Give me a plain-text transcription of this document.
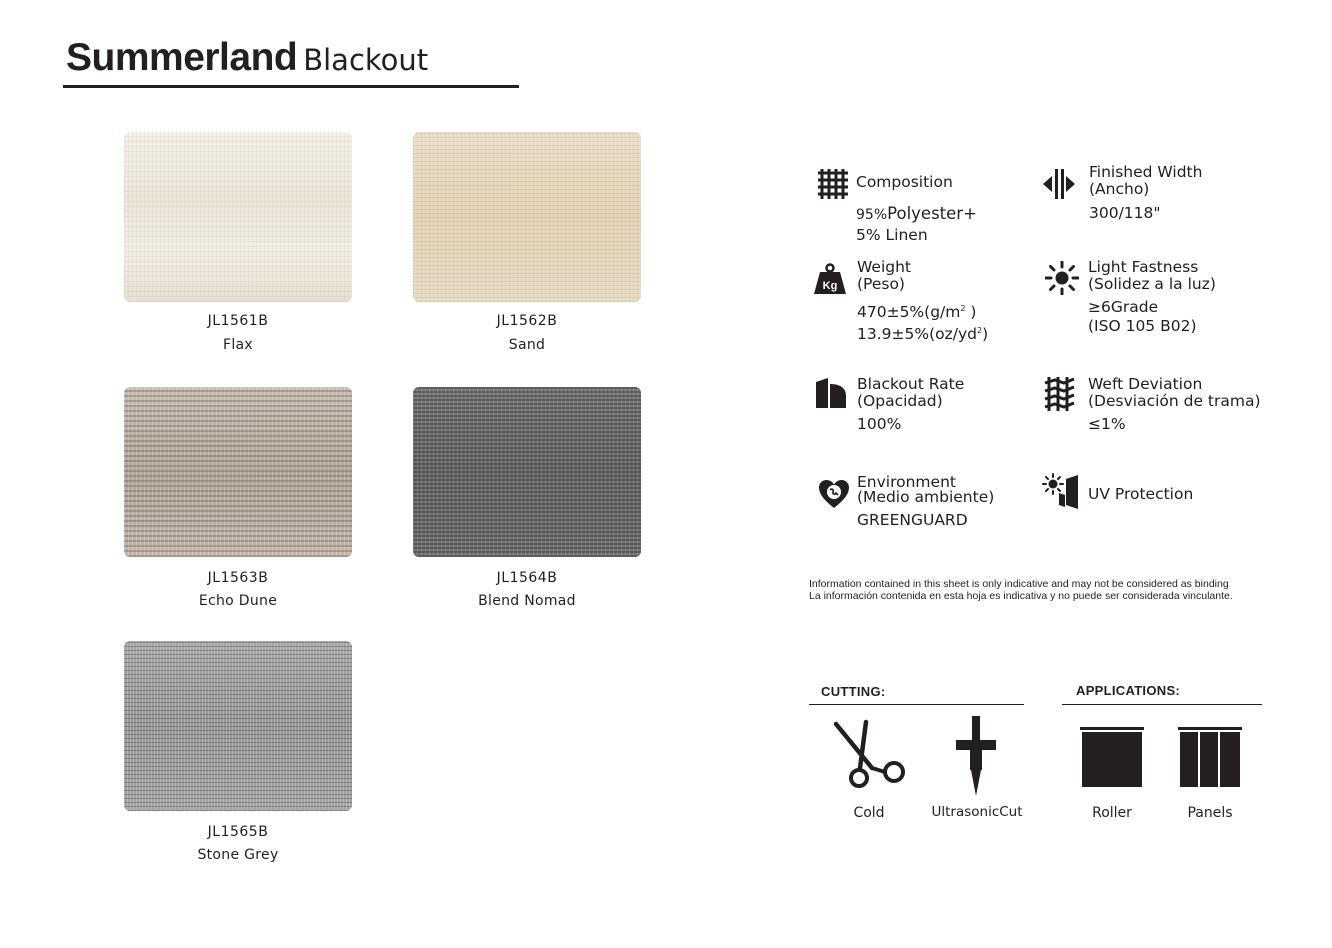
Summerland Blackout
JL1561B
Flax
JL1562B
Sand
JL1563B
Echo Dune
JL1564B
Blend Nomad
JL1565B
Stone Grey
Composition
95%Polyester+
5% Linen
Finished Width
(Ancho)
300/118"
Kg
Weight
(Peso)
$470\pm 5\%(g/m^2$ )
$13.9\pm 5\%(oz/yd^2)$
Light Fastness
(Solidez a la luz)
≥6Grade
(ISO 105 B02)
Blackout Rate
(Opacidad)
100%
Weft Deviation
(Desviación de trama)
≤1%
Environment
(Medio ambiente)
GREENGUARD
UV Protection
Information contained in this sheet is only indicative and may not be considered as binding
La información contenida en esta hoja es indicativa y no puede ser considerada vinculante.
CUTTING:
Cold	UltrasonicCut
APPLICATIONS:
Roller	Panels
